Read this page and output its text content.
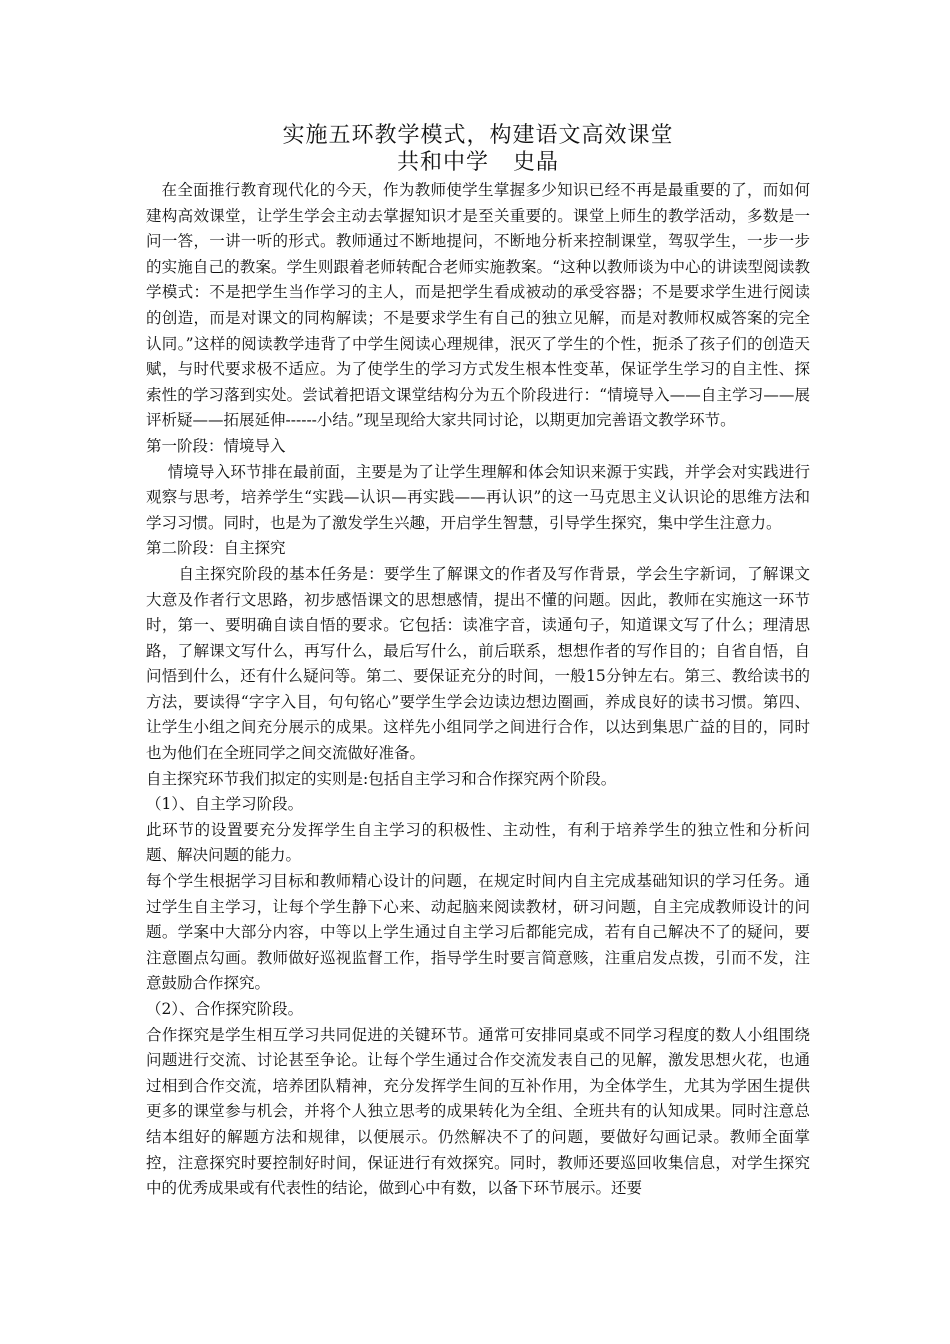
实施五环教学模式，构建语文高效课堂
共和中学   史晶

在全面推行教育现代化的今天，作为教师使学生掌握多少知识已经不再是最重要的了，而如何建构高效课堂，让学生学会主动去掌握知识才是至关重要的。课堂上师生的教学活动，多数是一问一答，一讲一听的形式。教师通过不断地提问，不断地分析来控制课堂，驾驭学生，一步一步的实施自己的教案。学生则跟着老师转配合老师实施教案。“这种以教师谈为中心的讲读型阅读教学模式：不是把学生当作学习的主人，而是把学生看成被动的承受容器；不是要求学生进行阅读的创造，而是对课文的同构解读；不是要求学生有自己的独立见解，而是对教师权威答案的完全认同。”这样的阅读教学违背了中学生阅读心理规律，泯灭了学生的个性，扼杀了孩子们的创造天赋，与时代要求极不适应。为了使学生的学习方式发生根本性变革，保证学生学习的自主性、探索性的学习落到实处。尝试着把语文课堂结构分为五个阶段进行：“情境导入——自主学习——展评析疑——拓展延伸------小结。”现呈现给大家共同讨论，以期更加完善语文教学环节。

第一阶段：情境导入

情境导入环节排在最前面，主要是为了让学生理解和体会知识来源于实践，并学会对实践进行观察与思考，培养学生“实践—认识—再实践——再认识”的这一马克思主义认识论的思维方法和学习习惯。同时，也是为了激发学生兴趣，开启学生智慧，引导学生探究，集中学生注意力。

第二阶段：自主探究

自主探究阶段的基本任务是：要学生了解课文的作者及写作背景，学会生字新词，了解课文大意及作者行文思路，初步感悟课文的思想感情，提出不懂的问题。因此，教师在实施这一环节时，第一、要明确自读自悟的要求。它包括：读准字音，读通句子，知道课文写了什么；理清思路，了解课文写什么，再写什么，最后写什么，前后联系，想想作者的写作目的；自省自悟，自问悟到什么，还有什么疑问等。第二、要保证充分的时间，一般15分钟左右。第三、教给读书的方法，要读得“字字入目，句句铭心”要学生学会边读边想边圈画，养成良好的读书习惯。第四、让学生小组之间充分展示的成果。这样先小组同学之间进行合作，以达到集思广益的目的，同时也为他们在全班同学之间交流做好准备。

自主探究环节我们拟定的实则是:包括自主学习和合作探究两个阶段。

（1）、自主学习阶段。

此环节的设置要充分发挥学生自主学习的积极性、主动性，有利于培养学生的独立性和分析问题、解决问题的能力。

每个学生根据学习目标和教师精心设计的问题，在规定时间内自主完成基础知识的学习任务。通过学生自主学习，让每个学生静下心来、动起脑来阅读教材，研习问题，自主完成教师设计的问题。学案中大部分内容，中等以上学生通过自主学习后都能完成，若有自己解决不了的疑问，要注意圈点勾画。教师做好巡视监督工作，指导学生时要言简意赅，注重启发点拨，引而不发，注意鼓励合作探究。

（2）、合作探究阶段。

合作探究是学生相互学习共同促进的关键环节。通常可安排同桌或不同学习程度的数人小组围绕问题进行交流、讨论甚至争论。让每个学生通过合作交流发表自己的见解，激发思想火花，也通过相到合作交流，培养团队精神，充分发挥学生间的互补作用，为全体学生，尤其为学困生提供更多的课堂参与机会，并将个人独立思考的成果转化为全组、全班共有的认知成果。同时注意总结本组好的解题方法和规律，以便展示。仍然解决不了的问题，要做好勾画记录。教师全面掌控，注意探究时要控制好时间，保证进行有效探究。同时，教师还要巡回收集信息，对学生探究中的优秀成果或有代表性的结论，做到心中有数，以备下环节展示。还要
